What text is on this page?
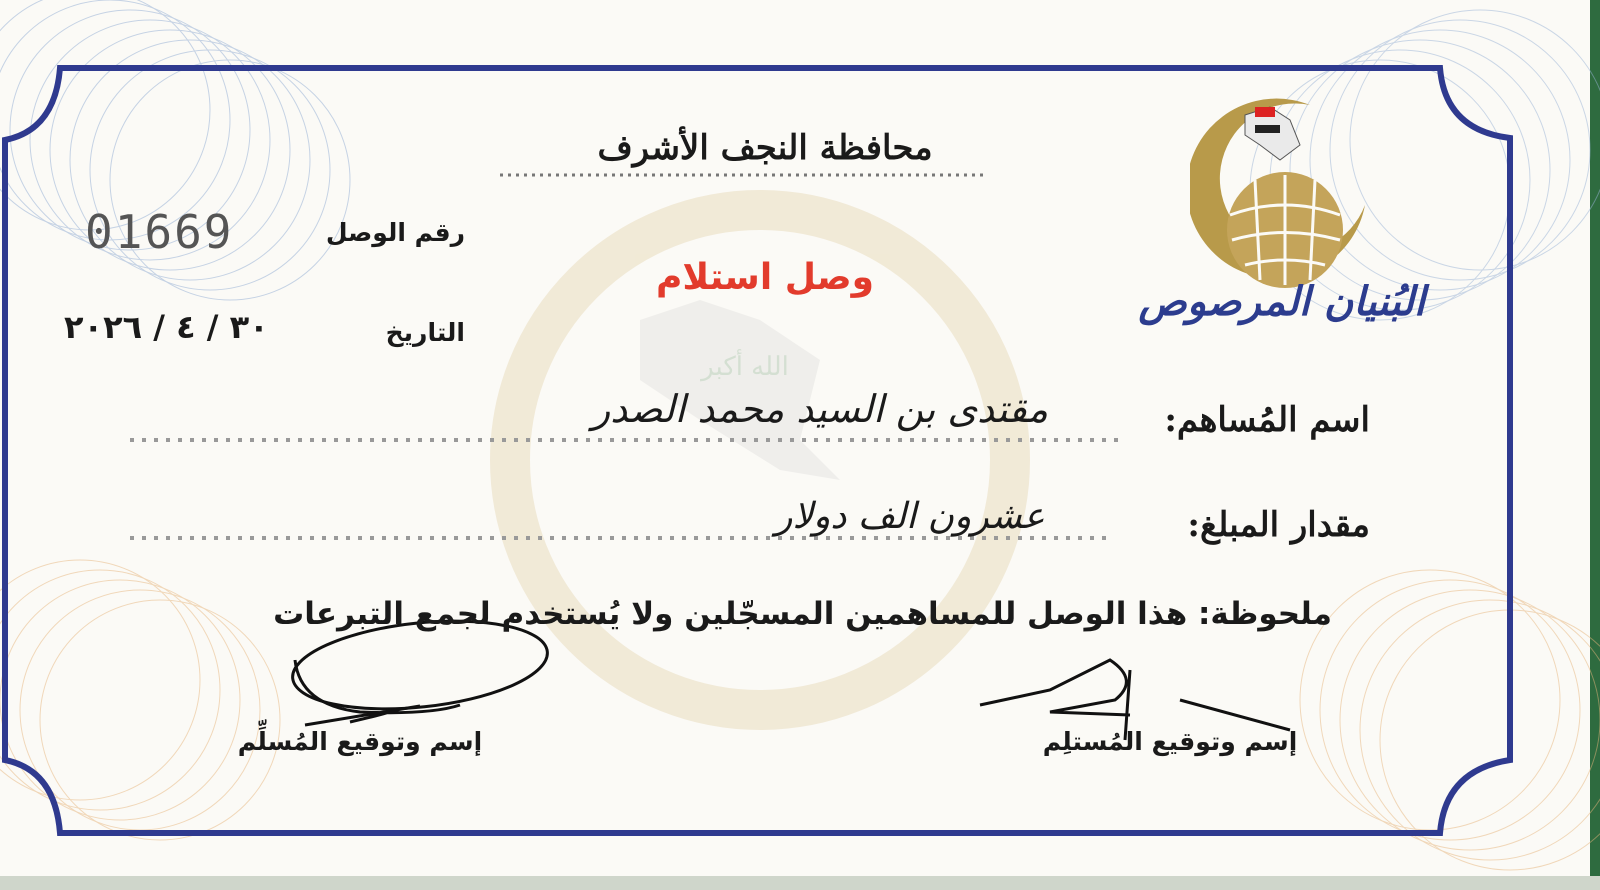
الله أكبر
البُنيان المرصوص
محافظة النجف الأشرف
رقم الوصل
01669
وصل استلام
التاريخ
٣٠ / ٤ / ٢٠٢٦
اسم المُساهم:
مقتدى بن السيد محمد الصدر
مقدار المبلغ:
عشرون الف دولار
ملحوظة: هذا الوصل للمساهمين المسجّلين ولا يُستخدم لجمع التبرعات
إسم وتوقيع المُسلِّم	إسم وتوقيع المُستلِم
